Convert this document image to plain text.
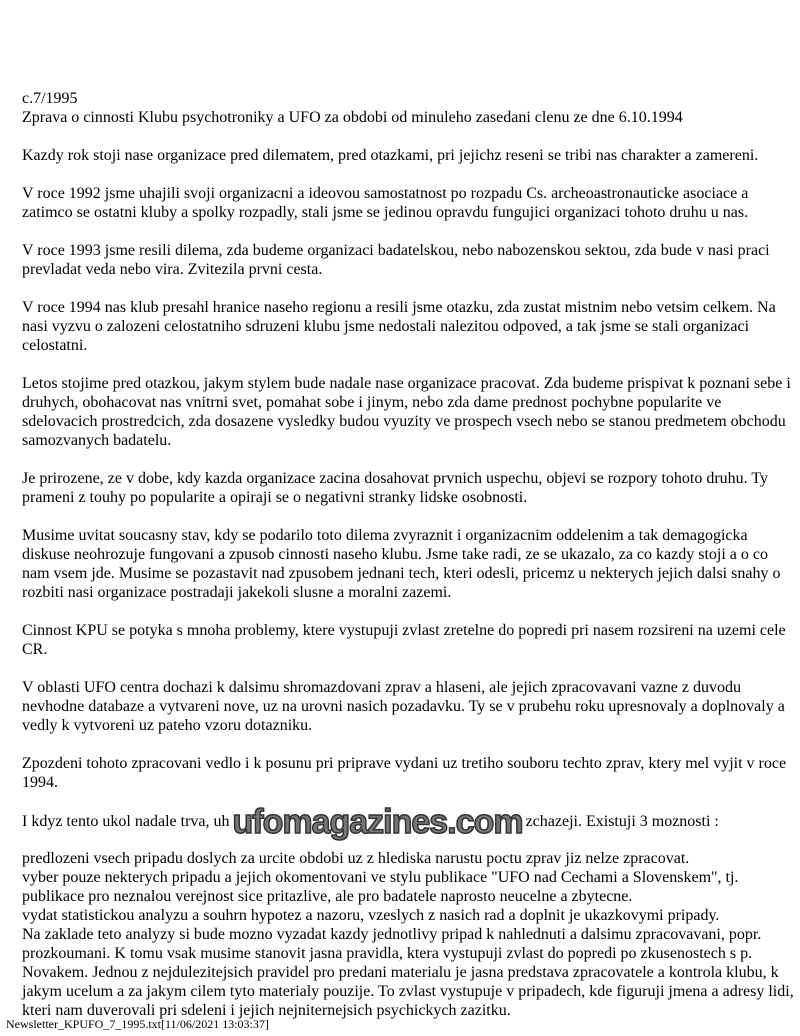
c.7/1995

Zprava o cinnosti Klubu psychotroniky a UFO za obdobi od minuleho zasedani clenu ze dne 6.10.1994

Kazdy rok stoji nase organizace pred dilematem, pred otazkami, pri jejichz reseni se tribi nas charakter a zamereni.

V roce 1992 jsme uhajili svoji organizacni a ideovou samostatnost po rozpadu Cs. archeoastronauticke asociace a zatimco se ostatni kluby a spolky rozpadly, stali jsme se jedinou opravdu fungujici organizaci tohoto druhu u nas.

V roce 1993 jsme resili dilema, zda budeme organizaci badatelskou, nebo nabozenskou sektou, zda bude v nasi praci prevladat veda nebo vira. Zvitezila prvni cesta.

V roce 1994 nas klub presahl hranice naseho regionu a resili jsme otazku, zda zustat mistnim nebo vetsim celkem. Na nasi vyzvu o zalozeni celostatniho sdruzeni klubu jsme nedostali nalezitou odpoved, a tak jsme se stali organizaci celostatni.

Letos stojime pred otazkou, jakym stylem bude nadale nase organizace pracovat. Zda budeme prispivat k poznani sebe i druhych, obohacovat nas vnitrni svet, pomahat sobe i jinym, nebo zda dame prednost pochybne popularite ve sdelovacich prostredcich, zda dosazene vysledky budou vyuzity ve prospech vsech nebo se stanou predmetem obchodu samozvanych badatelu.

Je prirozene, ze v dobe, kdy kazda organizace zacina dosahovat prvnich uspechu, objevi se rozpory tohoto druhu. Ty prameni z touhy po popularite a opiraji se o negativni stranky lidske osobnosti.

Musime uvitat soucasny stav, kdy se podarilo toto dilema zvyraznit i organizacnim oddelenim a tak demagogicka diskuse neohrozuje fungovani a zpusob cinnosti naseho klubu. Jsme take radi, ze se ukazalo, za co kazdy stoji a o co nam vsem jde. Musime se pozastavit nad zpusobem jednani tech, kteri odesli, pricemz u nekterych jejich dalsi snahy o rozbiti nasi organizace postradaji jakekoli slusne a moralni zazemi.

Cinnost KPU se potyka s mnoha problemy, ktere vystupuji zvlast zretelne do popredi pri nasem rozsireni na uzemi cele CR.

V oblasti UFO centra dochazi k dalsimu shromazdovani zprav a hlaseni, ale jejich zpracovavani vazne z duvodu nevhodne databaze a vytvareni nove, uz na urovni nasich pozadavku. Ty se v prubehu roku upresnovaly a doplnovaly a vedly k vytvoreni uz pateho vzoru dotazniku.

Zpozdeni tohoto zpracovani vedlo i k posunu pri priprave vydani uz tretiho souboru techto zprav, ktery mel vyjit v roce 1994.

I kdyz tento ukol nadale trva, uhufomagazines.com zchazeji. Existuji 3 moznosti :

predlozeni vsech pripadu doslych za urcite obdobi uz z hlediska narustu poctu zprav jiz nelze zpracovat.

vyber pouze nekterych pripadu a jejich okomentovani ve stylu publikace "UFO nad Cechami a Slovenskem", tj. publikace pro neznalou verejnost sice pritazlive, ale pro badatele naprosto neucelne a zbytecne.

vydat statistickou analyzu a souhrn hypotez a nazoru, vzeslych z nasich rad a doplnit je ukazkovymi pripady.

Na zaklade teto analyzy si bude mozno vyzadat kazdy jednotlivy pripad k nahlednuti a dalsimu zpracovavani, popr. prozkoumani. K tomu vsak musime stanovit jasna pravidla, ktera vystupuji zvlast do popredi po zkusenostech s p. Novakem. Jednou z nejdulezitejsich pravidel pro predani materialu je jasna predstava zpracovatele a kontrola klubu, k jakym ucelum a za jakym cilem tyto materialy pouzije. To zvlast vystupuje v pripadech, kde figuruji jmena a adresy lidi, kteri nam duverovali pri sdeleni i jejich nejniternejsich psychickych zazitku.

Newsletter_KPUFO_7_1995.txt[11/06/2021 13:03:37]
